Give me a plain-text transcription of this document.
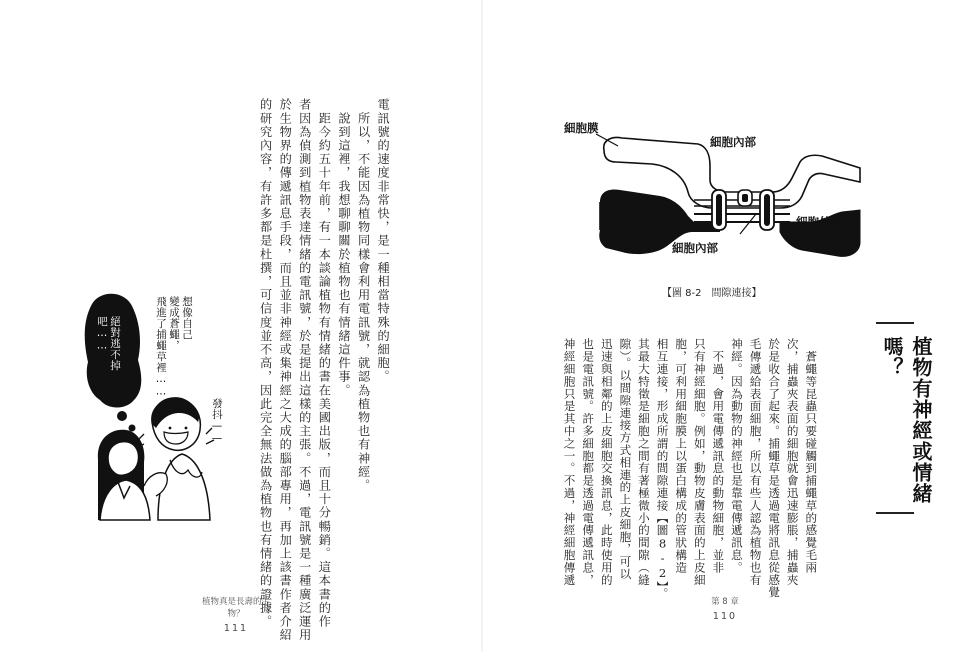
電訊號的速度非常快，是一種相當特殊的細胞。

　所以，不能因為植物同樣會利用電訊號，就認為植物也有神經。

　說到這裡，我想聊聊關於植物也有情緒這件事。

　距今約五十年前，有一本談論植物有情緒的書在美國出版，而且十分暢銷。這本書的作

者因為偵測到植物表達情緒的電訊號，於是提出這樣的主張。不過，電訊號是一種廣泛運用

於生物界的傳遞訊息手段，而且並非神經或集神經之大成的腦部專用，再加上該書作者介紹

的研究內容，有許多都是杜撰，可信度並不高，因此完全無法做為植物也有情緒的證據。

絕對逃不掉

吧……	想像自己

變成蒼蠅，

飛進了捕蠅草裡……

發抖——
植物真是長壽的生物？
111
細胞膜
細胞內部
細胞外部
細胞內部
【圖 8-2　間隙連接】

　蒼蠅等昆蟲只要碰觸到捕蠅草的感覺毛兩

次，捕蟲夾表面的細胞就會迅速膨脹，捕蟲夾

於是收合了起來。捕蠅草是透過電將訊息從感覺

毛傳遞給表面細胞，所以有些人認為植物也有

神經。因為動物的神經也是靠電傳遞訊息。

　不過，會用電傳遞訊息的動物細胞，並非

只有神經細胞。例如，動物皮膚表面的上皮細

胞，可利用細胞膜上以蛋白構成的管狀構造

相互連接，形成所謂的間隙連接【圖8-2】。

其最大特徵是細胞之間有著極微小的間隙（縫

隙）。以間隙連接方式相連的上皮細胞，可以

迅速與相鄰的上皮細胞交換訊息，此時使用的

也是電訊號。許多細胞都是透過電傳遞訊息，

神經細胞只是其中之一。不過，神經細胞傳遞	植物有神經或情緒嗎？
第 8 章
110
